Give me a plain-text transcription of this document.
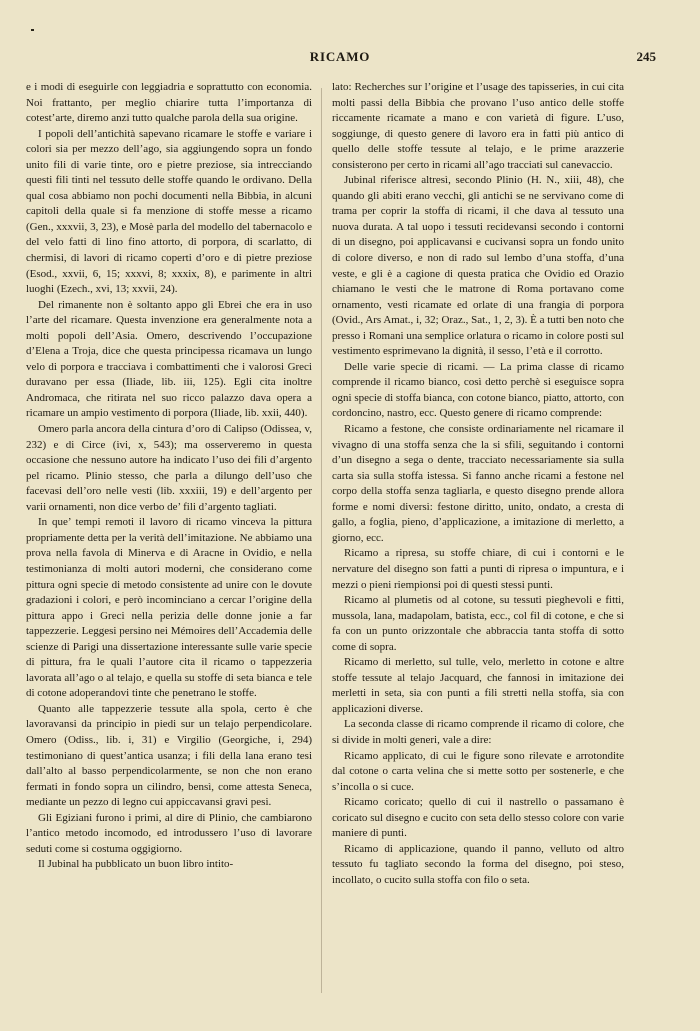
RICAMO	245

e i modi di eseguirle con leggiadria e soprattutto con economia. Noi frattanto, per meglio chiarire tutta l’importanza di cotest’arte, diremo anzi tutto qualche parola della sua origine.

I popoli dell’antichità sapevano ricamare le stoffe e variare i colori sia per mezzo dell’ago, sia aggiungendo sopra un fondo unito fili di varie tinte, oro e pietre preziose, sia intrecciando questi fili tinti nel tessuto delle stoffe quando le ordivano. Della qual cosa abbiamo non pochi documenti nella Bibbia, in alcuni capitoli della quale si fa menzione di stoffe messe a ricamo (Gen., xxxvii, 3, 23), e Mosè parla del modello del tabernacolo e del velo fatti di lino fino attorto, di porpora, di scarlatto, di chermisi, di lavori di ricamo coperti d’oro e di pietre preziose (Esod., xxvii, 6, 15; xxxvi, 8; xxxix, 8), e parimente in altri luoghi (Ezech., xvi, 13; xxvii, 24).

Del rimanente non è soltanto appo gli Ebrei che era in uso l’arte del ricamare. Questa invenzione era generalmente nota a molti popoli dell’Asia. Omero, descrivendo l’occupazione d’Elena a Troja, dice che questa principessa ricamava un lungo velo di porpora e tracciava i combattimenti che i valorosi Greci duravano per essa (Iliade, lib. iii, 125). Egli cita inoltre Andromaca, che ritirata nel suo ricco palazzo dava opera a ricamare un ampio vestimento di porpora (Iliade, lib. xxii, 440).

Omero parla ancora della cintura d’oro di Calipso (Odissea, v, 232) e di Circe (ivi, x, 543); ma osserveremo in questa occasione che nessuno autore ha indicato l’uso dei fili d’argento pel ricamo. Plinio stesso, che parla a dilungo dell’uso che facevasi dell’oro nelle vesti (lib. xxxiii, 19) e dell’argento per varii ornamenti, non dice verbo de’ fili d’argento tagliati.

In que’ tempi remoti il lavoro di ricamo vinceva la pittura propriamente detta per la verità dell’imitazione. Ne abbiamo una prova nella favola di Minerva e di Aracne in Ovidio, e nella testimonianza di molti autori moderni, che considerano come pittura ogni specie di metodo consistente ad unire con le dovute gradazioni i colori, e però incominciano a cercar l’origine della pittura appo i Greci nella perizia delle donne jonie a far tappezzerie. Leggesi persino nei Mémoires dell’Accademia delle scienze di Parigi una dissertazione interessante sulle varie specie di pittura, fra le quali l’autore cita il ricamo o tappezzeria lavorata all’ago o al telajo, e quella su stoffe di seta bianca e tele di cotone adoperandovi tinte che penetrano le stoffe.

Quanto alle tappezzerie tessute alla spola, certo è che lavoravansi da principio in piedi sur un telajo perpendicolare. Omero (Odiss., lib. i, 31) e Virgilio (Georgiche, i, 294) testimoniano di quest’antica usanza; i fili della lana erano tesi dall’alto al basso perpendicolarmente, se non che non erano fermati in fondo sopra un cilindro, bensì, come attesta Seneca, mediante un pezzo di legno cui appiccavansi gravi pesi.

Gli Egiziani furono i primi, al dire di Plinio, che cambiarono l’antico metodo incomodo, ed introdussero l’uso di lavorare seduti come si costuma oggigiorno.

Il Jubinal ha pubblicato un buon libro intito-

lato: Recherches sur l’origine et l’usage des tapisseries, in cui cita molti passi della Bibbia che provano l’uso antico delle stoffe riccamente ricamate a mano e con varietà di figure. L’uso, soggiunge, di questo genere di lavoro era in fatti più antico di quello delle stoffe tessute al telajo, e le prime arazzerie consisterono per certo in ricami all’ago tracciati sul canevaccio.

Jubinal riferisce altresì, secondo Plinio (H. N., xiii, 48), che quando gli abiti erano vecchi, gli antichi se ne servivano come di trama per coprir la stoffa di ricami, il che dava al tessuto una nuova durata. A tal uopo i tessuti recidevansi secondo i contorni di un disegno, poi applicavansi e cucivansi sopra un fondo unito di colore diverso, e non di rado sul lembo d’una stoffa, d’una veste, e gli è a cagione di questa pratica che Ovidio ed Orazio chiamano le vesti che le matrone di Roma portavano come ornamento, vesti ricamate ed orlate di una frangia di porpora (Ovid., Ars Amat., i, 32; Oraz., Sat., 1, 2, 3). È a tutti ben noto che presso i Romani una semplice orlatura o ricamo in colore posti sul vestimento esprimevano la dignità, il sesso, l’età e il corrotto.

Delle varie specie di ricami. — La prima classe di ricamo comprende il ricamo bianco, così detto perchè si eseguisce sopra ogni specie di stoffa bianca, con cotone bianco, piatto, attorto, con cordoncino, nastro, ecc. Questo genere di ricamo comprende:

Ricamo a festone, che consiste ordinariamente nel ricamare il vivagno di una stoffa senza che la si sfili, seguitando i contorni d’un disegno a sega o dente, tracciato necessariamente sia sulla carta sia sulla stoffa istessa. Si fanno anche ricami a festone nel corpo della stoffa senza tagliarla, e questo disegno prende allora forme e nomi diversi: festone diritto, unito, ondato, a cresta di gallo, a foglia, pieno, d’applicazione, a imitazione di merletto, a giorno, ecc.

Ricamo a ripresa, su stoffe chiare, di cui i contorni e le nervature del disegno son fatti a punti di ripresa o impuntura, e i mezzi o pieni riempionsi poi di questi stessi punti.

Ricamo al plumetis od al cotone, su tessuti pieghevoli e fitti, mussola, lana, madapolam, batista, ecc., col fil di cotone, e che si fa con un punto orizzontale che abbraccia tanta stoffa di sotto come di sopra.

Ricamo di merletto, sul tulle, velo, merletto in cotone e altre stoffe tessute al telajo Jacquard, che fannosi in imitazione dei merletti in seta, sia con punti a fili stretti nella stoffa, sia con applicazioni diverse.

La seconda classe di ricamo comprende il ricamo di colore, che si divide in molti generi, vale a dire:

Ricamo applicato, di cui le figure sono rilevate e arrotondite dal cotone o carta velina che si mette sotto per sostenerle, e che s’incolla o si cuce.

Ricamo coricato; quello di cui il nastrello o passamano è coricato sul disegno e cucito con seta dello stesso colore con varie maniere di punti.

Ricamo di applicazione, quando il panno, velluto od altro tessuto fu tagliato secondo la forma del disegno, poi steso, incollato, o cucito sulla stoffa con filo o seta.
